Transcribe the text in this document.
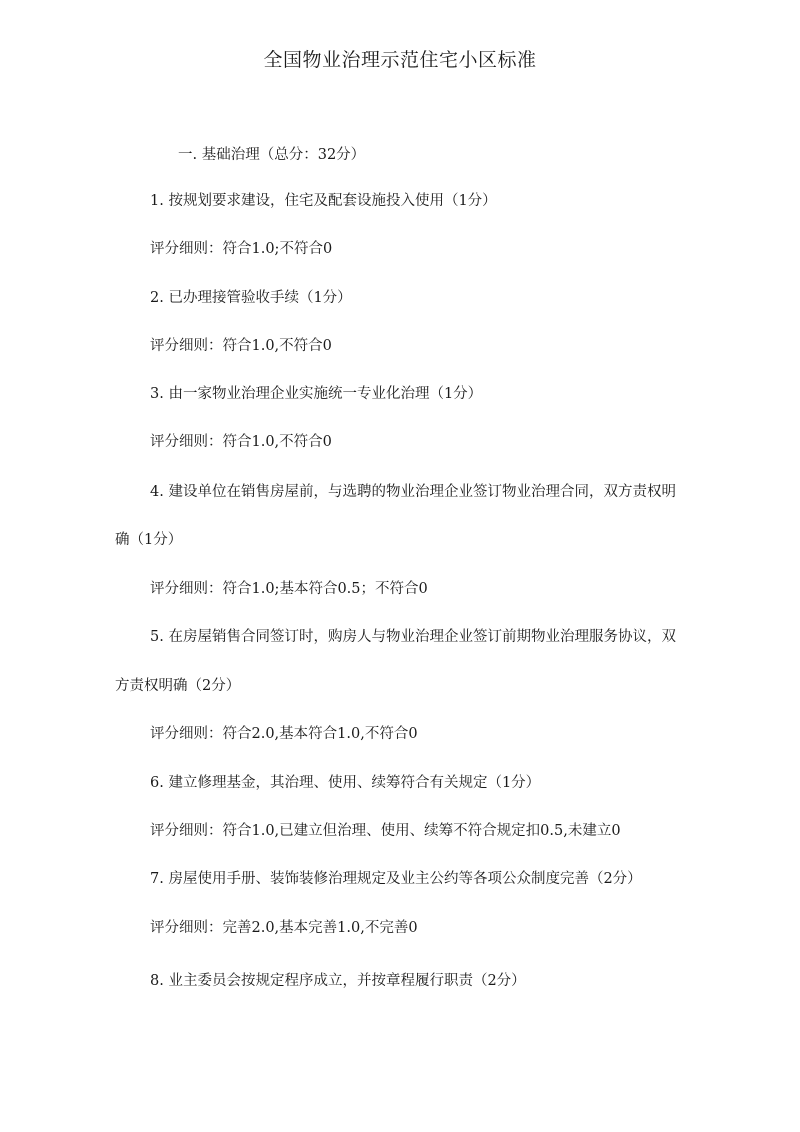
全国物业治理示范住宅小区标准
一. 基础治理（总分：32分）
1. 按规划要求建设，住宅及配套设施投入使用（1分）
评分细则：符合1.0;不符合0
2. 已办理接管验收手续（1分）
评分细则：符合1.0,不符合0
3. 由一家物业治理企业实施统一专业化治理（1分）
评分细则：符合1.0,不符合0
4. 建设单位在销售房屋前，与选聘的物业治理企业签订物业治理合同，双方责权明
确（1分）
评分细则：符合1.0;基本符合0.5；不符合0
5. 在房屋销售合同签订时，购房人与物业治理企业签订前期物业治理服务协议，双
方责权明确（2分）
评分细则：符合2.0,基本符合1.0,不符合0
6. 建立修理基金，其治理、使用、续筹符合有关规定（1分）
评分细则：符合1.0,已建立但治理、使用、续筹不符合规定扣0.5,未建立0
7. 房屋使用手册、装饰装修治理规定及业主公约等各项公众制度完善（2分）
评分细则：完善2.0,基本完善1.0,不完善0
8. 业主委员会按规定程序成立，并按章程履行职责（2分）
